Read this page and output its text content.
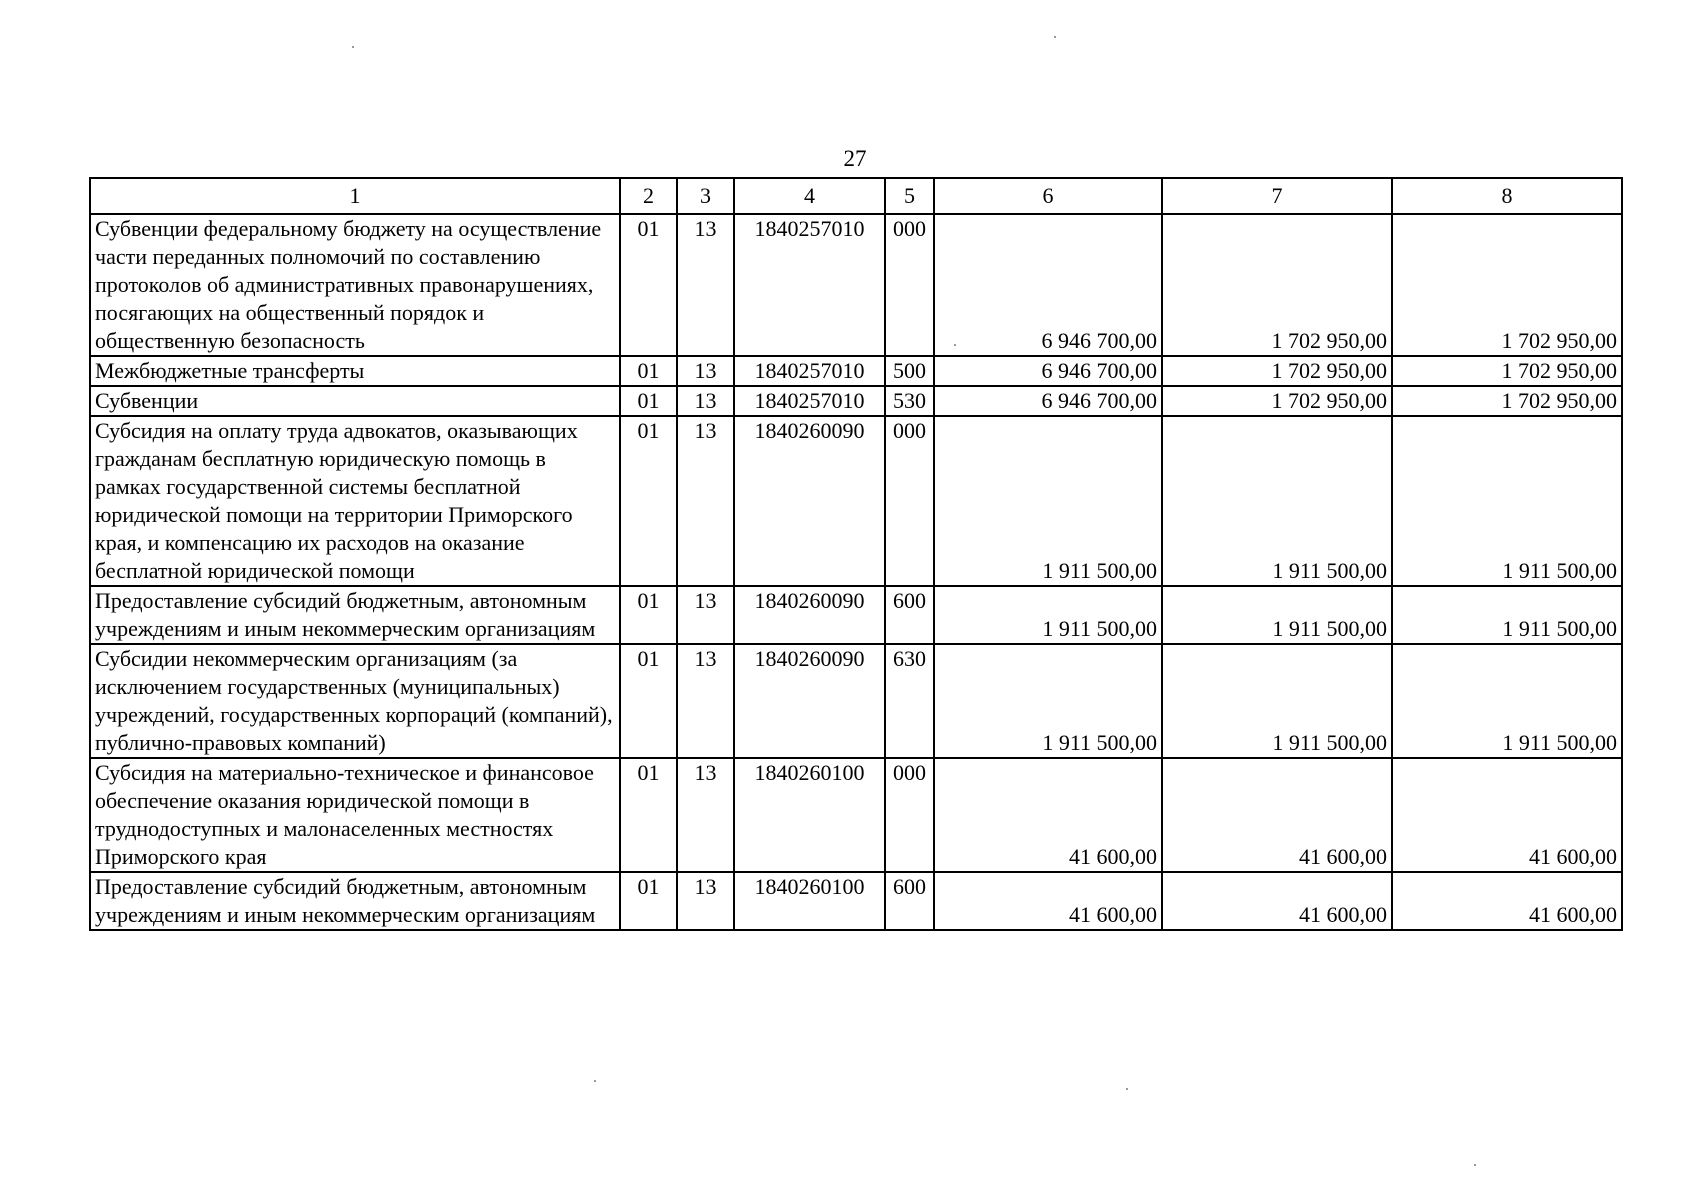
27
1	2	3	4	5	6	7	8
Субвенции федеральному бюджету на осуществление части переданных полномочий по составлению протоколов об административных правонарушениях, посягающих на общественный порядок и общественную безопасность	01	13	1840257010	000	6 946 700,00	1 702 950,00	1 702 950,00
Межбюджетные трансферты	01	13	1840257010	500	6 946 700,00	1 702 950,00	1 702 950,00
Субвенции	01	13	1840257010	530	6 946 700,00	1 702 950,00	1 702 950,00
Субсидия на оплату труда адвокатов, оказывающих гражданам бесплатную юридическую помощь в рамках государственной системы бесплатной юридической помощи на территории Приморского края, и компенсацию их расходов на оказание бесплатной юридической помощи	01	13	1840260090	000	1 911 500,00	1 911 500,00	1 911 500,00
Предоставление субсидий бюджетным, автономным учреждениям и иным некоммерческим организациям	01	13	1840260090	600	1 911 500,00	1 911 500,00	1 911 500,00
Субсидии некоммерческим организациям (за исключением государственных (муниципальных) учреждений, государственных корпораций (компаний), публично-правовых компаний)	01	13	1840260090	630	1 911 500,00	1 911 500,00	1 911 500,00
Субсидия на материально-техническое и финансовое обеспечение оказания юридической помощи в труднодоступных и малонаселенных местностях Приморского края	01	13	1840260100	000	41 600,00	41 600,00	41 600,00
Предоставление субсидий бюджетным, автономным учреждениям и иным некоммерческим организациям	01	13	1840260100	600	41 600,00	41 600,00	41 600,00
